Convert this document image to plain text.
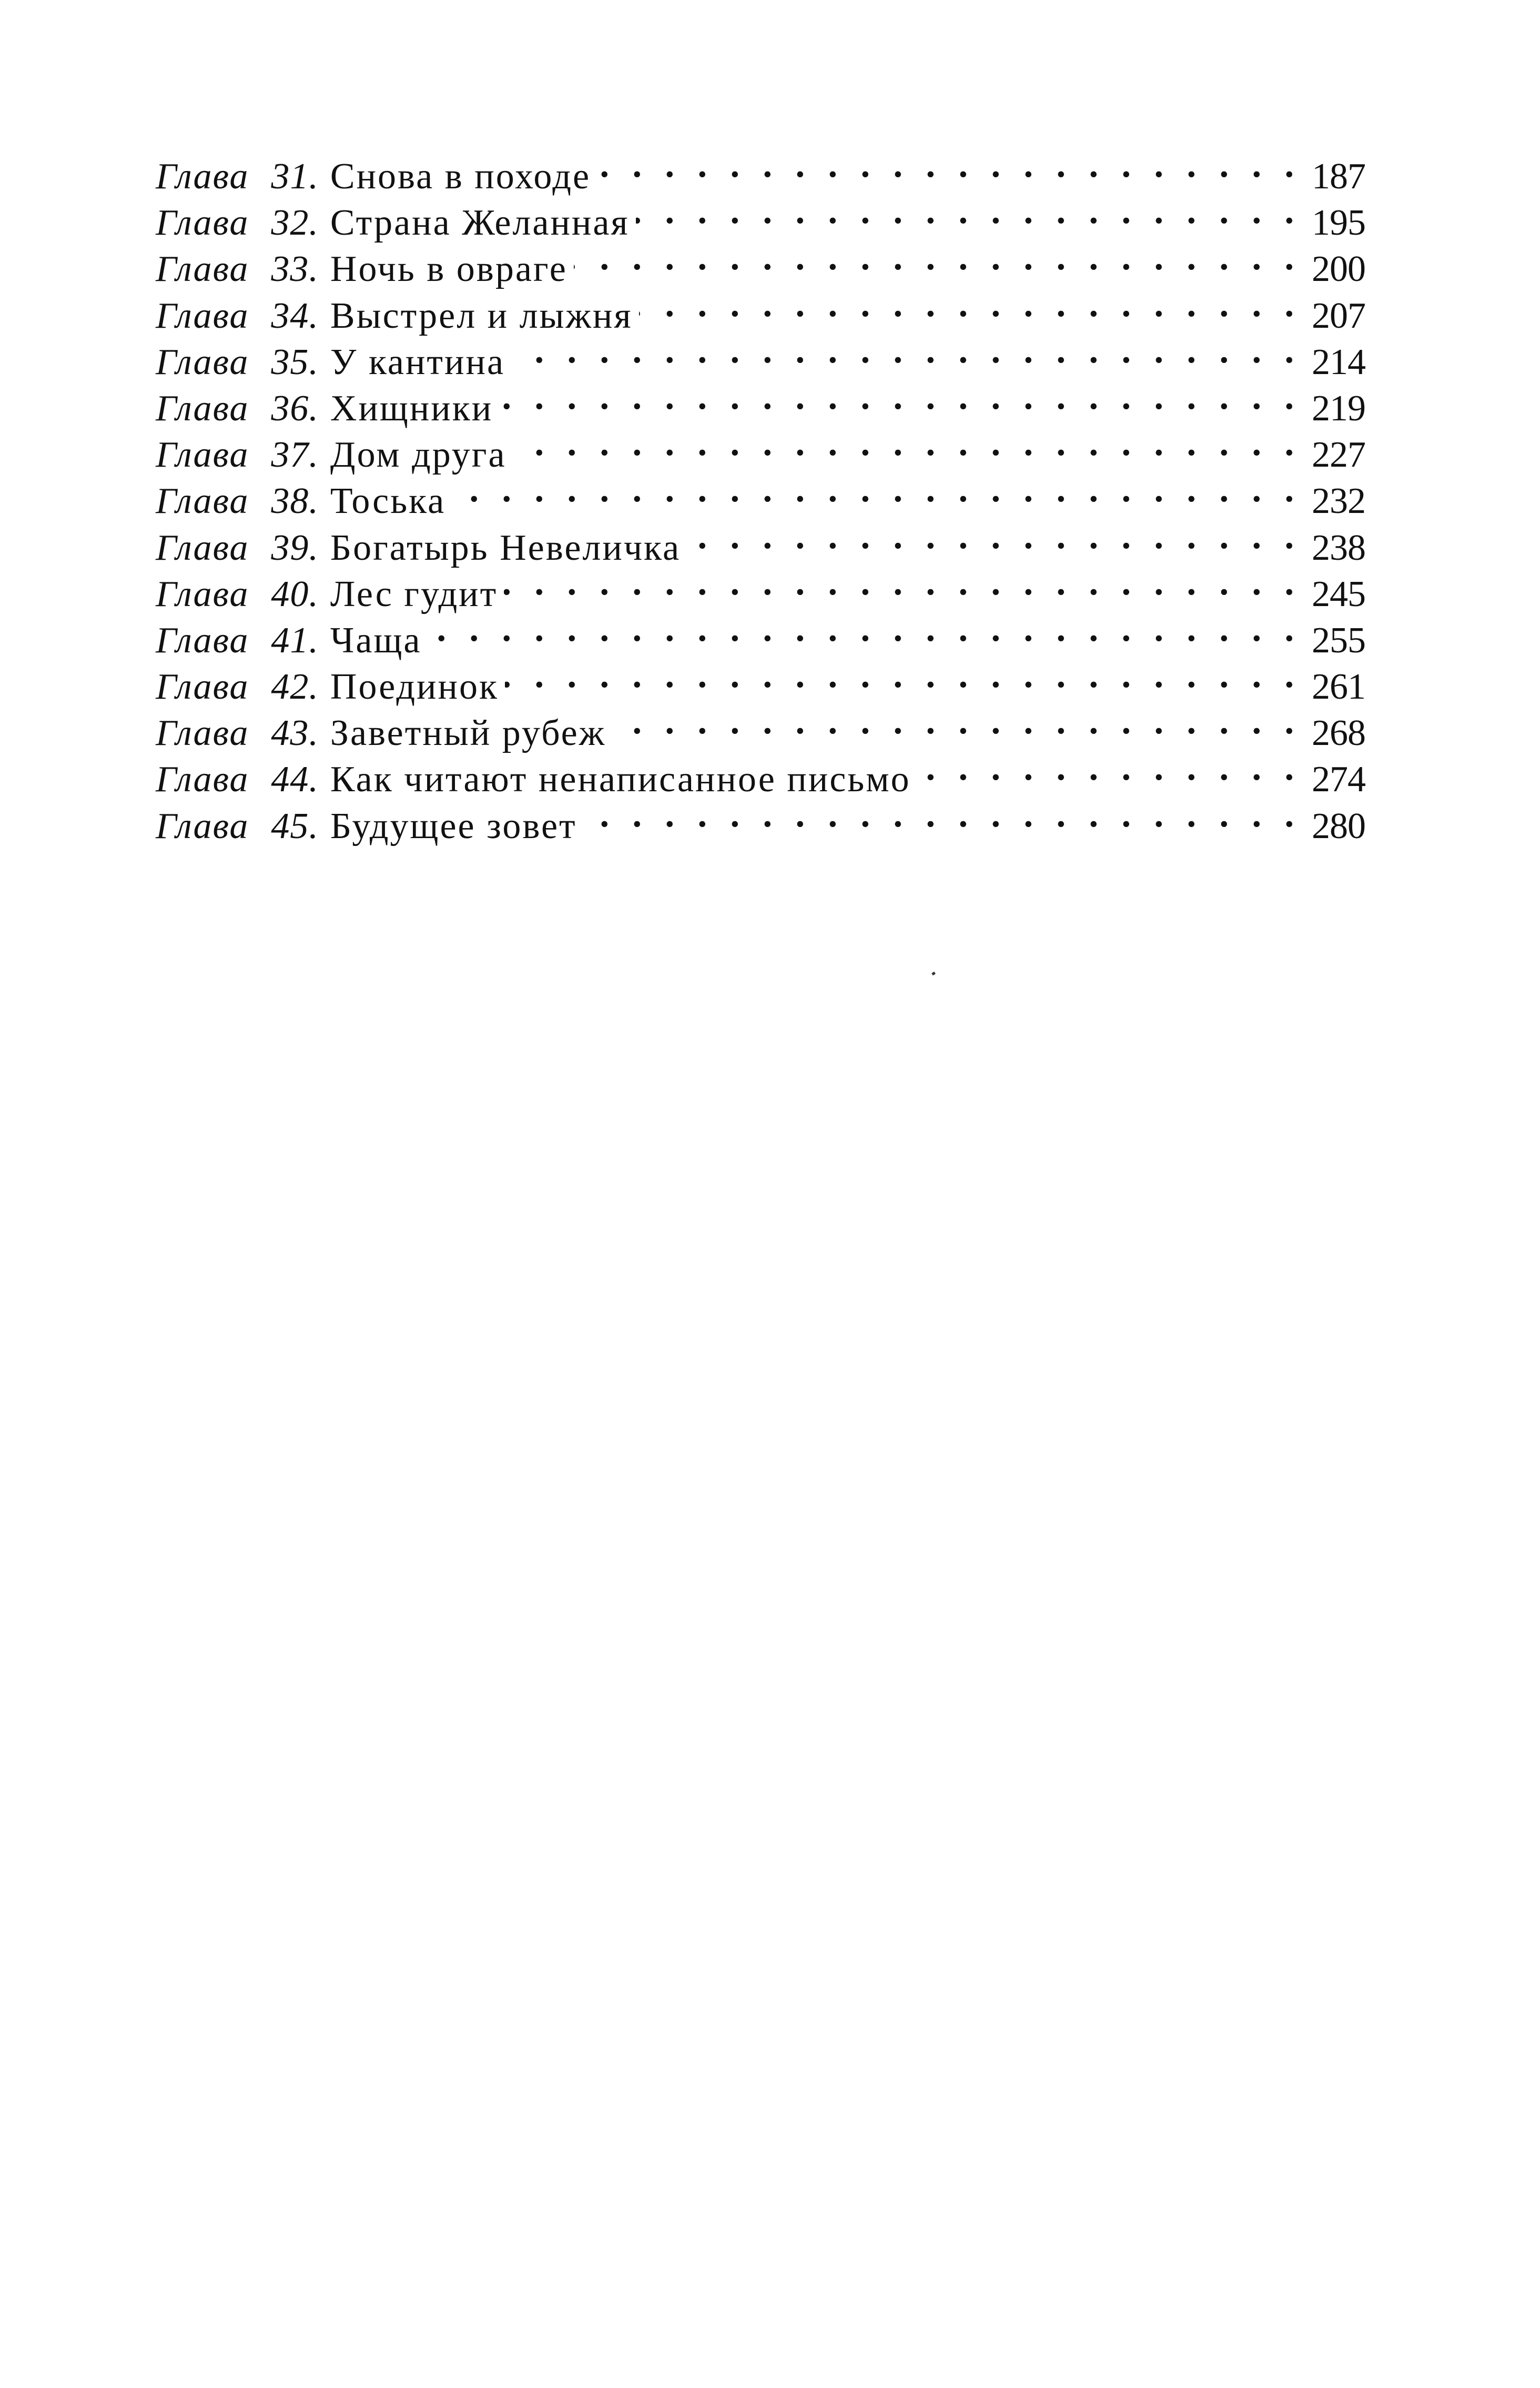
Глава 31. Снова в походе . . .	187
Глава 32. Страна Желанная . . .	195
Глава 33. Ночь в овраге . . .	200
Глава 34. Выстрел и лыжня . . .	207
Глава 35. У кантина . . .	214
Глава 36. Хищники . . .	219
Глава 37. Дом друга . . .	227
Глава 38. Тоська . . .	232
Глава 39. Богатырь Невеличка . . .	238
Глава 40. Лес гудит . . .	245
Глава 41. Чаща . . .	255
Глава 42. Поединок . . .	261
Глава 43. Заветный рубеж . . .	268
Глава 44. Как читают ненаписанное письмо . . .	274
Глава 45. Будущее зовет . . .	280
